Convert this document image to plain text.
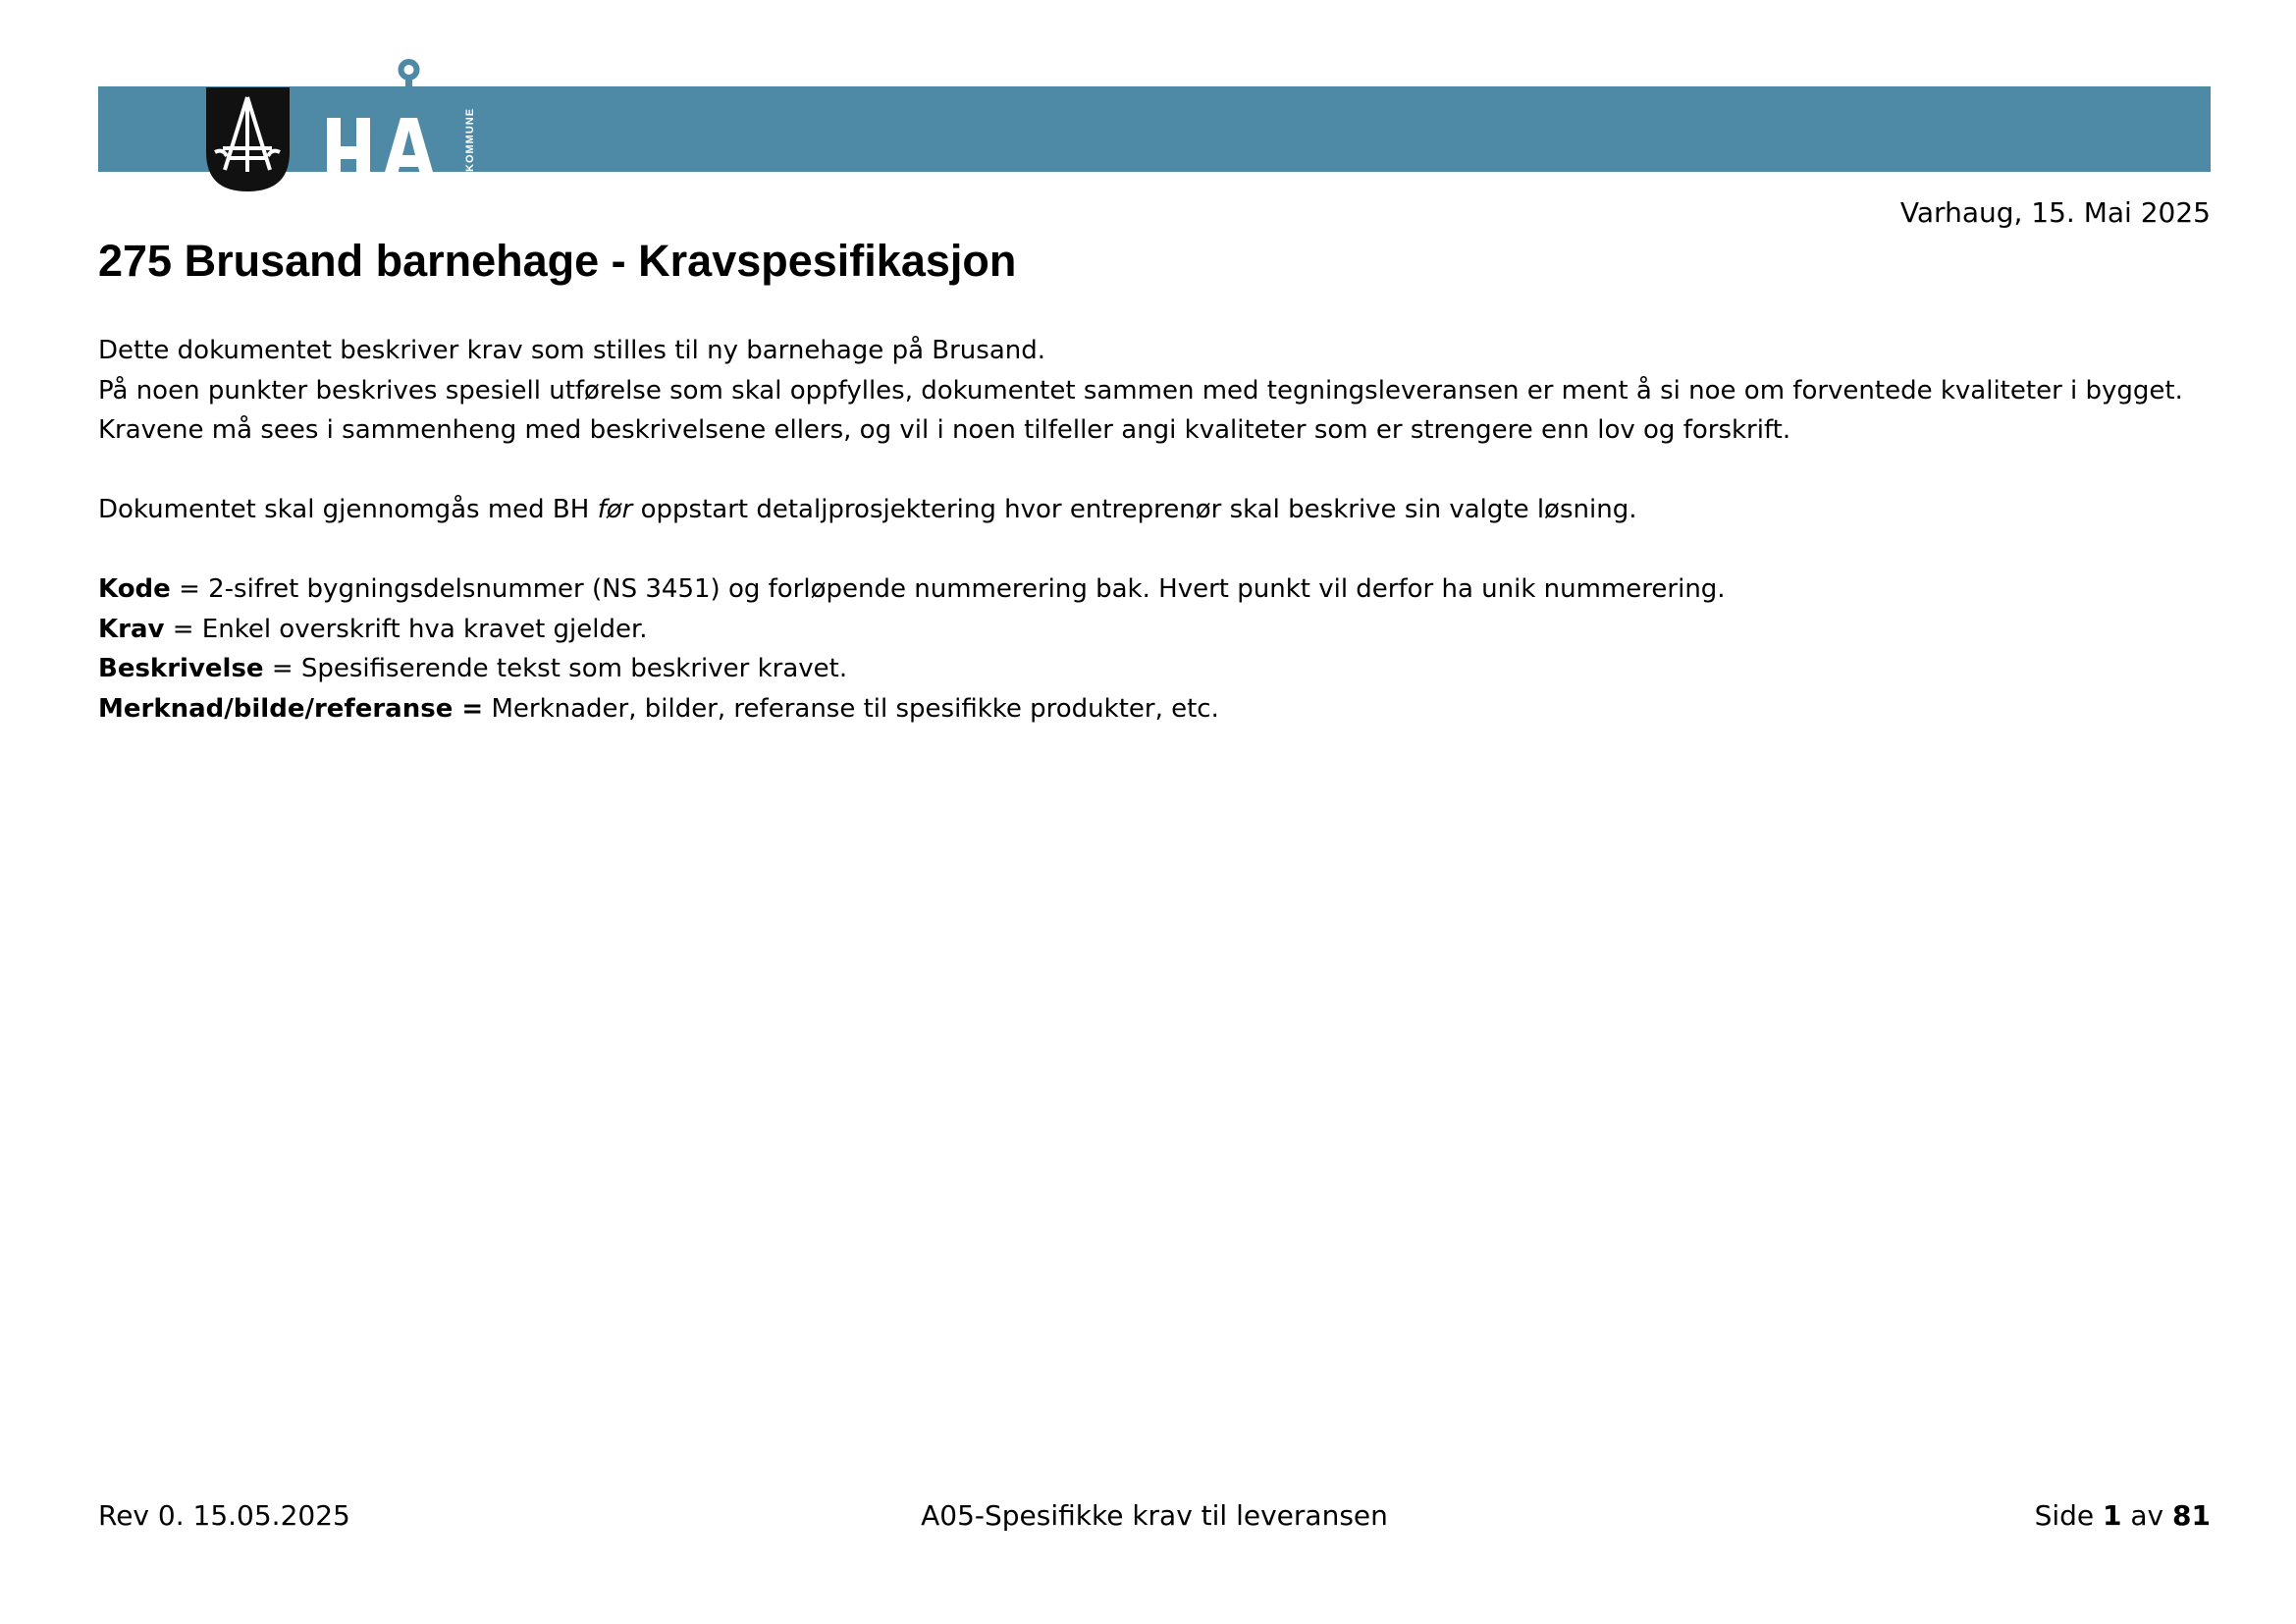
KOMMUNE
Varhaug, 15. Mai 2025
275 Brusand barnehage - Kravspesifikasjon

Dette dokumentet beskriver krav som stilles til ny barnehage på Brusand.

På noen punkter beskrives spesiell utførelse som skal oppfylles, dokumentet sammen med tegningsleveransen er ment å si noe om forventede kvaliteter i bygget.

Kravene må sees i sammenheng med beskrivelsene ellers, og vil i noen tilfeller angi kvaliteter som er strengere enn lov og forskrift.

Dokumentet skal gjennomgås med BH før oppstart detaljprosjektering hvor entreprenør skal beskrive sin valgte løsning.

Kode = 2-sifret bygningsdelsnummer (NS 3451) og forløpende nummerering bak. Hvert punkt vil derfor ha unik nummerering.

Krav = Enkel overskrift hva kravet gjelder.

Beskrivelse = Spesifiserende tekst som beskriver kravet.

Merknad/bilde/referanse = Merknader, bilder, referanse til spesifikke produkter, etc.

Rev 0. 15.05.2025	A05-Spesifikke krav til leveransen	Side 1 av 81
